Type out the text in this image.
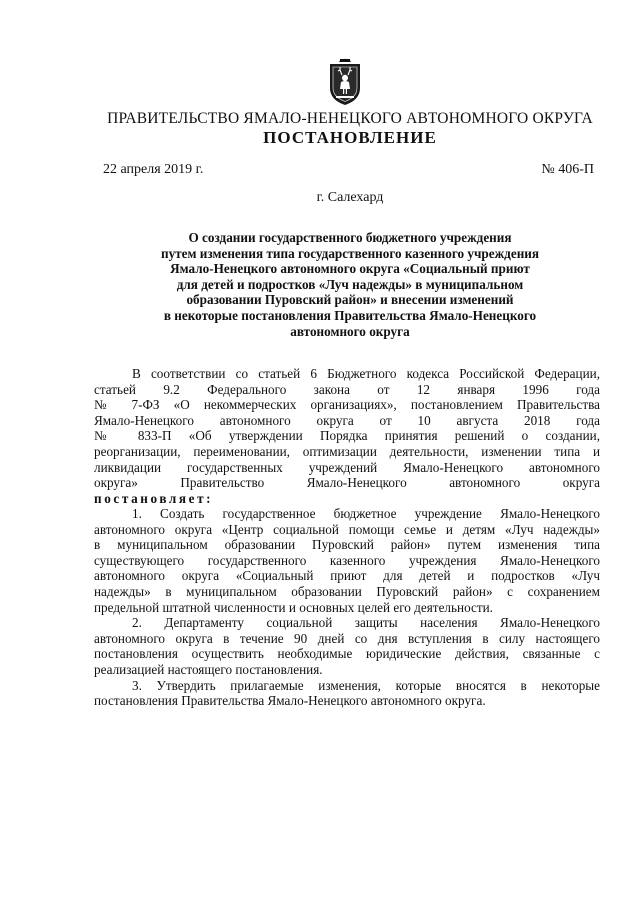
ПРАВИТЕЛЬСТВО ЯМАЛО-НЕНЕЦКОГО АВТОНОМНОГО ОКРУГА
ПОСТАНОВЛЕНИЕ
22 апреля 2019 г.	№ 406-П
г. Салехард
О создании государственного бюджетного учреждения
путем изменения типа государственного казенного учреждения
Ямало-Ненецкого автономного округа «Социальный приют
для детей и подростков «Луч надежды» в муниципальном
образовании Пуровский район» и внесении изменений
в некоторые постановления Правительства Ямало-Ненецкого
автономного округа
В соответствии со статьей 6 Бюджетного кодекса Российской Федерации,
статьей 9.2 Федерального закона от 12 января 1996 года
№ 7-ФЗ «О некоммерческих организациях», постановлением Правительства
Ямало-Ненецкого автономного округа от 10 августа 2018 года
№ 833-П «Об утверждении Порядка принятия решений о создании,
реорганизации, переименовании, оптимизации деятельности, изменении типа и
ликвидации государственных учреждений Ямало-Ненецкого автономного
округа» Правительство Ямало-Ненецкого автономного округа
постановляет:
1. Создать государственное бюджетное учреждение Ямало-Ненецкого
автономного округа «Центр социальной помощи семье и детям «Луч надежды»
в муниципальном образовании Пуровский район» путем изменения типа
существующего государственного казенного учреждения Ямало-Ненецкого
автономного округа «Социальный приют для детей и подростков «Луч
надежды» в муниципальном образовании Пуровский район» с сохранением
предельной штатной численности и основных целей его деятельности.
2. Департаменту социальной защиты населения Ямало-Ненецкого
автономного округа в течение 90 дней со дня вступления в силу настоящего
постановления осуществить необходимые юридические действия, связанные с
реализацией настоящего постановления.
3. Утвердить прилагаемые изменения, которые вносятся в некоторые
постановления Правительства Ямало-Ненецкого автономного округа.
